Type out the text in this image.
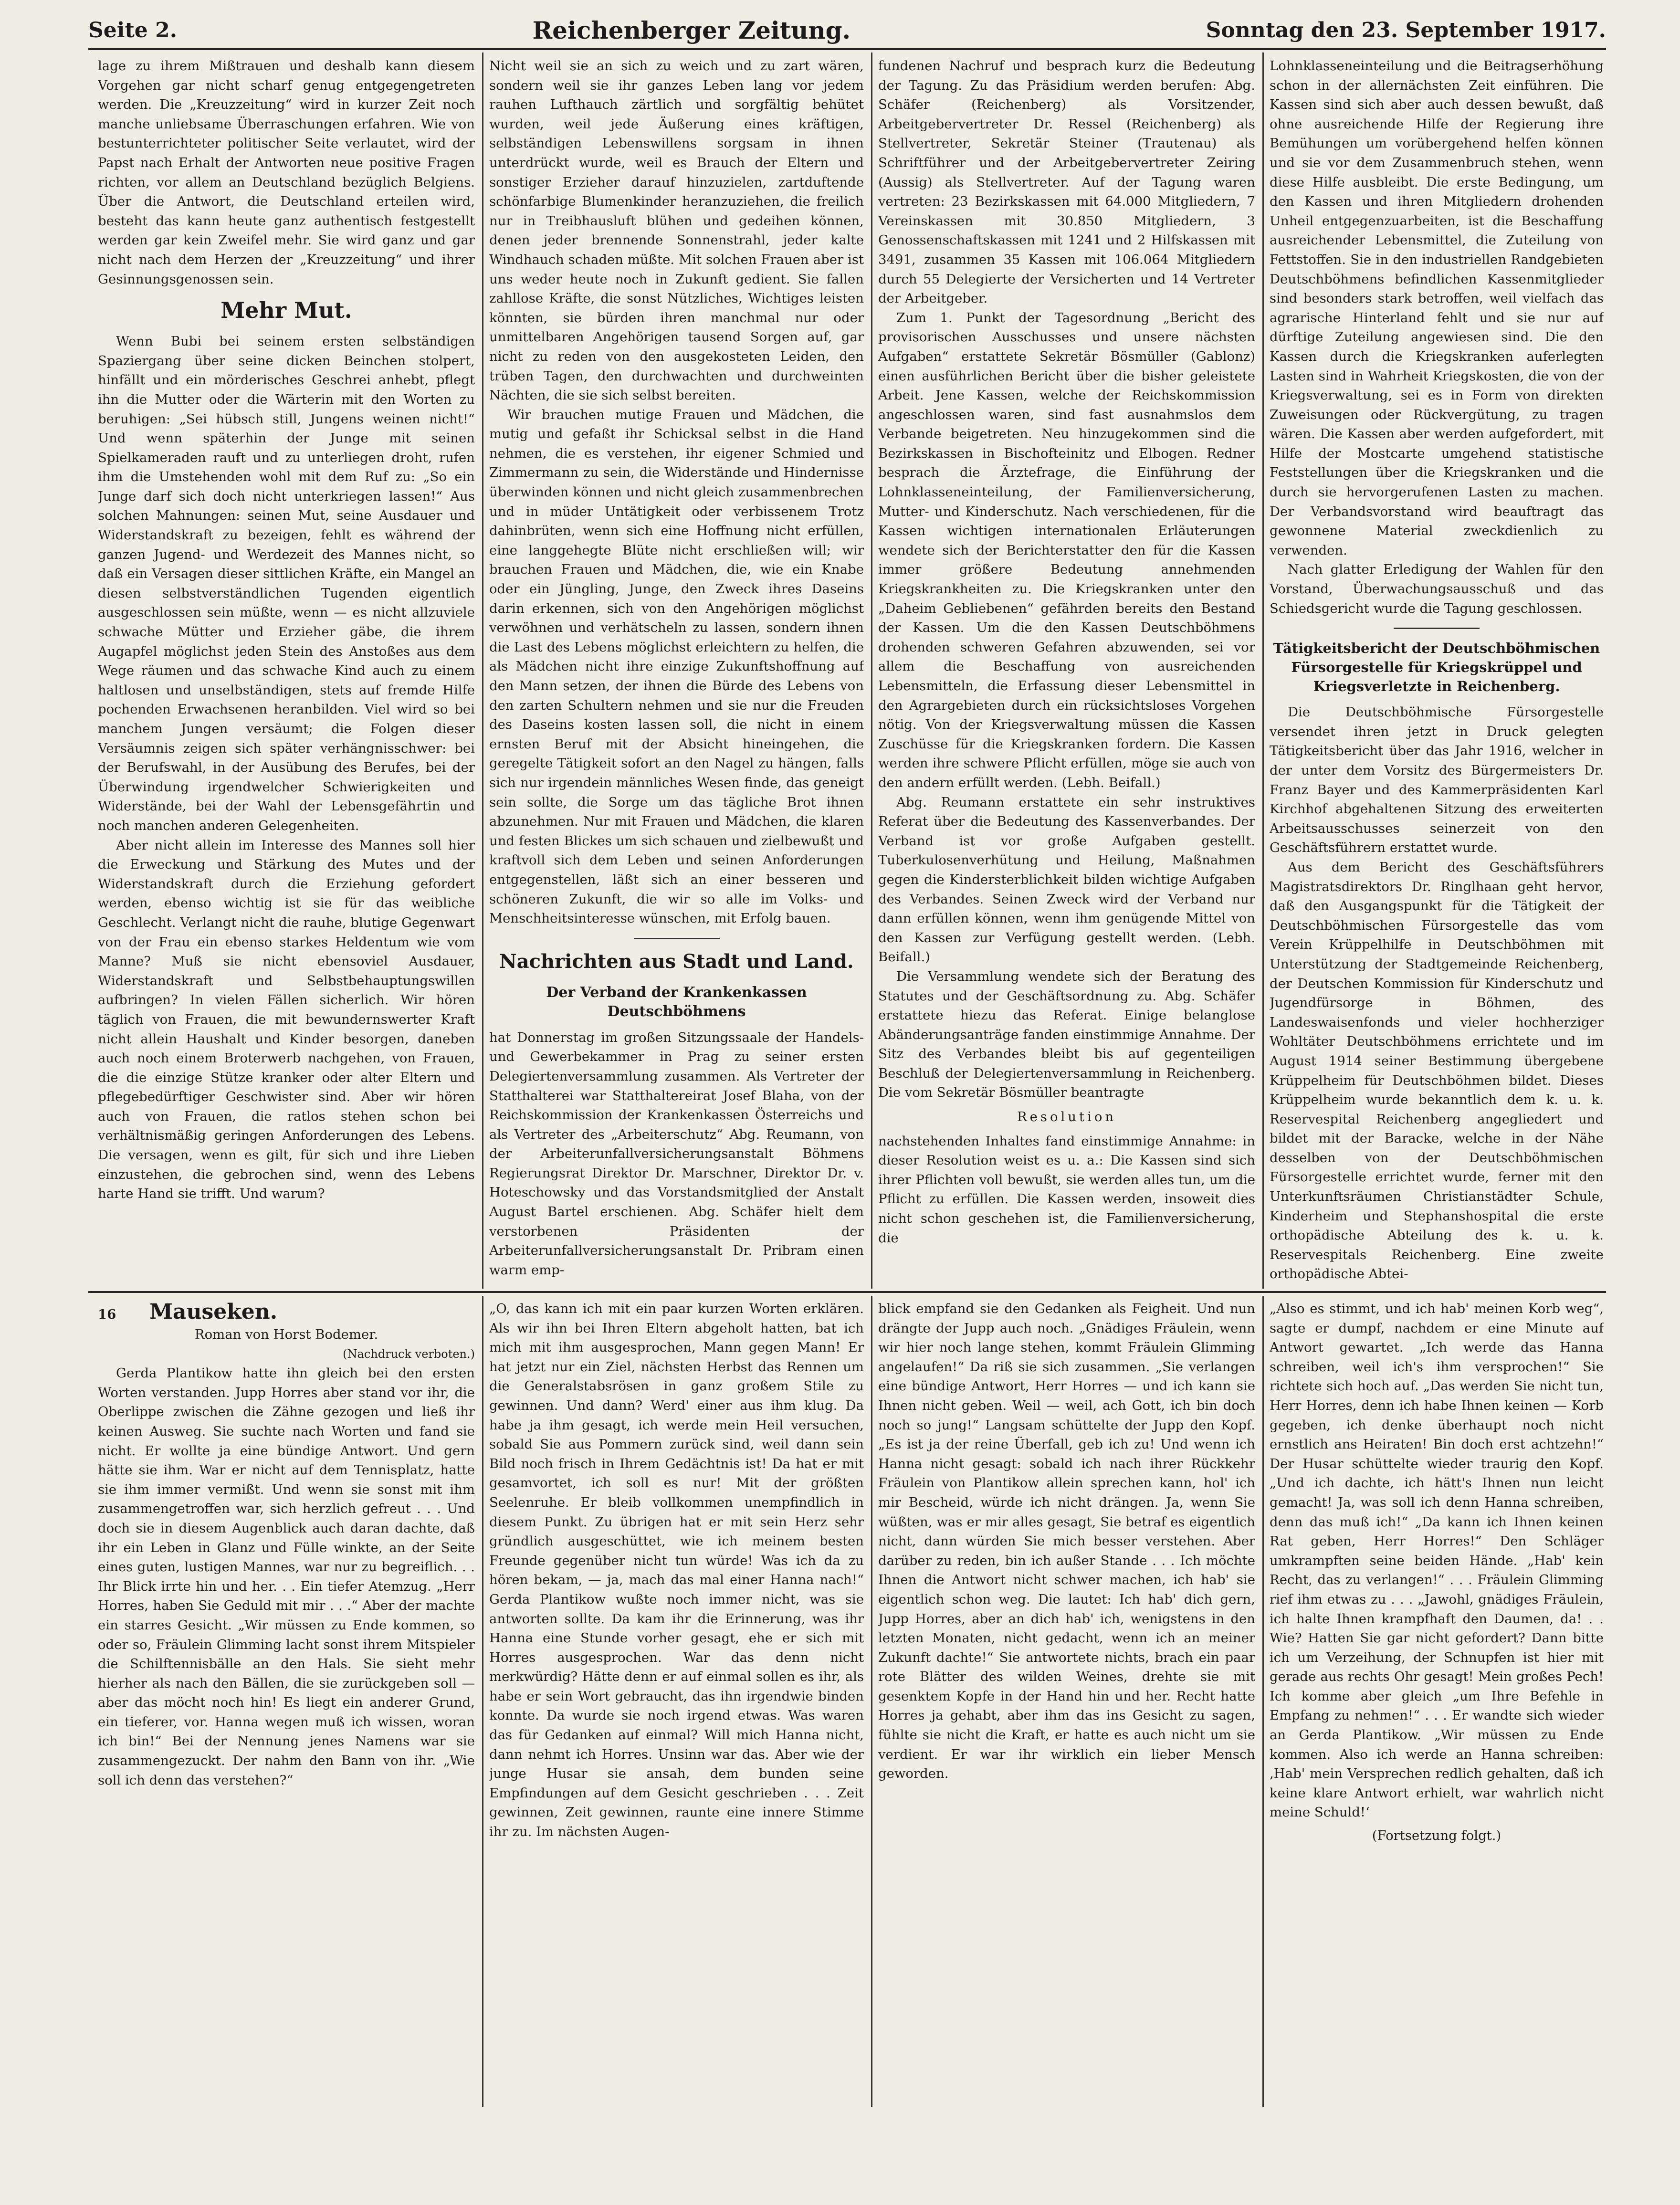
Seite 2.	Reichenberger Zeitung.	Sonntag den 23. September 1917.

lage zu ihrem Mißtrauen und deshalb kann diesem Vorgehen gar nicht scharf genug entgegengetreten werden. Die „Kreuzzeitung“ wird in kurzer Zeit noch manche unliebsame Überraschungen erfahren. Wie von bestunterrichteter politischer Seite verlautet, wird der Papst nach Erhalt der Antworten neue positive Fragen richten, vor allem an Deutschland bezüglich Belgiens. Über die Antwort, die Deutschland erteilen wird, besteht das kann heute ganz authentisch festgestellt werden gar kein Zweifel mehr. Sie wird ganz und gar nicht nach dem Herzen der „Kreuzzeitung“ und ihrer Gesinnungsgenossen sein.

Mehr Mut.

Wenn Bubi bei seinem ersten selbständigen Spaziergang über seine dicken Beinchen stolpert, hinfällt und ein mörderisches Geschrei anhebt, pflegt ihn die Mutter oder die Wärterin mit den Worten zu beruhigen: „Sei hübsch still, Jungens weinen nicht!“ Und wenn späterhin der Junge mit seinen Spielkameraden rauft und zu unterliegen droht, rufen ihm die Umstehenden wohl mit dem Ruf zu: „So ein Junge darf sich doch nicht unterkriegen lassen!“ Aus solchen Mahnungen: seinen Mut, seine Ausdauer und Widerstandskraft zu bezeigen, fehlt es während der ganzen Jugend- und Werdezeit des Mannes nicht, so daß ein Versagen dieser sittlichen Kräfte, ein Mangel an diesen selbstverständlichen Tugenden eigentlich ausgeschlossen sein müßte, wenn — es nicht allzuviele schwache Mütter und Erzieher gäbe, die ihrem Augapfel möglichst jeden Stein des Anstoßes aus dem Wege räumen und das schwache Kind auch zu einem haltlosen und unselbständigen, stets auf fremde Hilfe pochenden Erwachsenen heranbilden. Viel wird so bei manchem Jungen versäumt; die Folgen dieser Versäumnis zeigen sich später verhängnisschwer: bei der Berufswahl, in der Ausübung des Berufes, bei der Überwindung irgendwelcher Schwierigkeiten und Widerstände, bei der Wahl der Lebensgefährtin und noch manchen anderen Gelegenheiten.

Aber nicht allein im Interesse des Mannes soll hier die Erweckung und Stärkung des Mutes und der Widerstandskraft durch die Erziehung gefordert werden, ebenso wichtig ist sie für das weibliche Geschlecht. Verlangt nicht die rauhe, blutige Gegenwart von der Frau ein ebenso starkes Heldentum wie vom Manne? Muß sie nicht ebensoviel Ausdauer, Widerstandskraft und Selbstbehauptungswillen aufbringen? In vielen Fällen sicherlich. Wir hören täglich von Frauen, die mit bewundernswerter Kraft nicht allein Haushalt und Kinder besorgen, daneben auch noch einem Broterwerb nachgehen, von Frauen, die die einzige Stütze kranker oder alter Eltern und pflegebedürftiger Geschwister sind. Aber wir hören auch von Frauen, die ratlos stehen schon bei verhältnismäßig geringen Anforderungen des Lebens. Die versagen, wenn es gilt, für sich und ihre Lieben einzustehen, die gebrochen sind, wenn des Lebens harte Hand sie trifft. Und warum?

Nicht weil sie an sich zu weich und zu zart wären, sondern weil sie ihr ganzes Leben lang vor jedem rauhen Lufthauch zärtlich und sorgfältig behütet wurden, weil jede Äußerung eines kräftigen, selbständigen Lebenswillens sorgsam in ihnen unterdrückt wurde, weil es Brauch der Eltern und sonstiger Erzieher darauf hinzuzielen, zartduftende schönfarbige Blumenkinder heranzuziehen, die freilich nur in Treibhausluft blühen und gedeihen können, denen jeder brennende Sonnenstrahl, jeder kalte Windhauch schaden müßte. Mit solchen Frauen aber ist uns weder heute noch in Zukunft gedient. Sie fallen zahllose Kräfte, die sonst Nützliches, Wichtiges leisten könnten, sie bürden ihren manchmal nur oder unmittelbaren Angehörigen tausend Sorgen auf, gar nicht zu reden von den ausgekosteten Leiden, den trüben Tagen, den durchwachten und durchweinten Nächten, die sie sich selbst bereiten.

Wir brauchen mutige Frauen und Mädchen, die mutig und gefaßt ihr Schicksal selbst in die Hand nehmen, die es verstehen, ihr eigener Schmied und Zimmermann zu sein, die Widerstände und Hindernisse überwinden können und nicht gleich zusammenbrechen und in müder Untätigkeit oder verbissenem Trotz dahinbrüten, wenn sich eine Hoffnung nicht erfüllen, eine langgehegte Blüte nicht erschließen will; wir brauchen Frauen und Mädchen, die, wie ein Knabe oder ein Jüngling, Junge, den Zweck ihres Daseins darin erkennen, sich von den Angehörigen möglichst verwöhnen und verhätscheln zu lassen, sondern ihnen die Last des Lebens möglichst erleichtern zu helfen, die als Mädchen nicht ihre einzige Zukunftshoffnung auf den Mann setzen, der ihnen die Bürde des Lebens von den zarten Schultern nehmen und sie nur die Freuden des Daseins kosten lassen soll, die nicht in einem ernsten Beruf mit der Absicht hineingehen, die geregelte Tätigkeit sofort an den Nagel zu hängen, falls sich nur irgendein männliches Wesen finde, das geneigt sein sollte, die Sorge um das tägliche Brot ihnen abzunehmen. Nur mit Frauen und Mädchen, die klaren und festen Blickes um sich schauen und zielbewußt und kraftvoll sich dem Leben und seinen Anforderungen entgegenstellen, läßt sich an einer besseren und schöneren Zukunft, die wir so alle im Volks- und Menschheitsinteresse wünschen, mit Erfolg bauen.

Nachrichten aus Stadt und Land.
Der Verband der Krankenkassen Deutschböhmens

hat Donnerstag im großen Sitzungssaale der Handels- und Gewerbekammer in Prag zu seiner ersten Delegiertenversammlung zusammen. Als Vertreter der Statthalterei war Statthaltereirat Josef Blaha, von der Reichskommission der Krankenkassen Österreichs und als Vertreter des „Arbeiterschutz“ Abg. Reumann, von der Arbeiterunfallversicherungsanstalt Böhmens Regierungsrat Direktor Dr. Marschner, Direktor Dr. v. Hoteschowsky und das Vorstandsmitglied der Anstalt August Bartel erschienen. Abg. Schäfer hielt dem verstorbenen Präsidenten der Arbeiterunfallversicherungsanstalt Dr. Pribram einen warm emp-

fundenen Nachruf und besprach kurz die Bedeutung der Tagung. Zu das Präsidium werden berufen: Abg. Schäfer (Reichenberg) als Vorsitzender, Arbeitgebervertreter Dr. Ressel (Reichenberg) als Stellvertreter, Sekretär Steiner (Trautenau) als Schriftführer und der Arbeitgebervertreter Zeiring (Aussig) als Stellvertreter. Auf der Tagung waren vertreten: 23 Bezirkskassen mit 64.000 Mitgliedern, 7 Vereinskassen mit 30.850 Mitgliedern, 3 Genossenschaftskassen mit 1241 und 2 Hilfskassen mit 3491, zusammen 35 Kassen mit 106.064 Mitgliedern durch 55 Delegierte der Versicherten und 14 Vertreter der Arbeitgeber.

Zum 1. Punkt der Tagesordnung „Bericht des provisorischen Ausschusses und unsere nächsten Aufgaben“ erstattete Sekretär Bösmüller (Gablonz) einen ausführlichen Bericht über die bisher geleistete Arbeit. Jene Kassen, welche der Reichskommission angeschlossen waren, sind fast ausnahmslos dem Verbande beigetreten. Neu hinzugekommen sind die Bezirkskassen in Bischofteinitz und Elbogen. Redner besprach die Ärztefrage, die Einführung der Lohnklasseneinteilung, der Familienversicherung, Mutter- und Kinderschutz. Nach verschiedenen, für die Kassen wichtigen internationalen Erläuterungen wendete sich der Berichterstatter den für die Kassen immer größere Bedeutung annehmenden Kriegskrankheiten zu. Die Kriegskranken unter den „Daheim Gebliebenen“ gefährden bereits den Bestand der Kassen. Um die den Kassen Deutschböhmens drohenden schweren Gefahren abzuwenden, sei vor allem die Beschaffung von ausreichenden Lebensmitteln, die Erfassung dieser Lebensmittel in den Agrargebieten durch ein rücksichtsloses Vorgehen nötig. Von der Kriegsverwaltung müssen die Kassen Zuschüsse für die Kriegskranken fordern. Die Kassen werden ihre schwere Pflicht erfüllen, möge sie auch von den andern erfüllt werden. (Lebh. Beifall.)

Abg. Reumann erstattete ein sehr instruktives Referat über die Bedeutung des Kassenverbandes. Der Verband ist vor große Aufgaben gestellt. Tuberkulosenverhütung und Heilung, Maßnahmen gegen die Kindersterblichkeit bilden wichtige Aufgaben des Verbandes. Seinen Zweck wird der Verband nur dann erfüllen können, wenn ihm genügende Mittel von den Kassen zur Verfügung gestellt werden. (Lebh. Beifall.)

Die Versammlung wendete sich der Beratung des Statutes und der Geschäftsordnung zu. Abg. Schäfer erstattete hiezu das Referat. Einige belanglose Abänderungsanträge fanden einstimmige Annahme. Der Sitz des Verbandes bleibt bis auf gegenteiligen Beschluß der Delegiertenversammlung in Reichenberg. Die vom Sekretär Bösmüller beantragte

Resolution

nachstehenden Inhaltes fand einstimmige Annahme: in dieser Resolution weist es u. a.: Die Kassen sind sich ihrer Pflichten voll bewußt, sie werden alles tun, um die Pflicht zu erfüllen. Die Kassen werden, insoweit dies nicht schon geschehen ist, die Familienversicherung, die

Lohnklasseneinteilung und die Beitragserhöhung schon in der allernächsten Zeit einführen. Die Kassen sind sich aber auch dessen bewußt, daß ohne ausreichende Hilfe der Regierung ihre Bemühungen um vorübergehend helfen können und sie vor dem Zusammenbruch stehen, wenn diese Hilfe ausbleibt. Die erste Bedingung, um den Kassen und ihren Mitgliedern drohenden Unheil entgegenzuarbeiten, ist die Beschaffung ausreichender Lebensmittel, die Zuteilung von Fettstoffen. Sie in den industriellen Randgebieten Deutschböhmens befindlichen Kassenmitglieder sind besonders stark betroffen, weil vielfach das agrarische Hinterland fehlt und sie nur auf dürftige Zuteilung angewiesen sind. Die den Kassen durch die Kriegskranken auferlegten Lasten sind in Wahrheit Kriegskosten, die von der Kriegsverwaltung, sei es in Form von direkten Zuweisungen oder Rückvergütung, zu tragen wären. Die Kassen aber werden aufgefordert, mit Hilfe der Mostcarte umgehend statistische Feststellungen über die Kriegskranken und die durch sie hervorgerufenen Lasten zu machen. Der Verbandsvorstand wird beauftragt das gewonnene Material zweckdienlich zu verwenden.

Nach glatter Erledigung der Wahlen für den Vorstand, Überwachungsausschuß und das Schiedsgericht wurde die Tagung geschlossen.

Tätigkeitsbericht der Deutschböhmischen Fürsorgestelle für Kriegskrüppel und Kriegsverletzte in Reichenberg.

Die Deutschböhmische Fürsorgestelle versendet ihren jetzt in Druck gelegten Tätigkeitsbericht über das Jahr 1916, welcher in der unter dem Vorsitz des Bürgermeisters Dr. Franz Bayer und des Kammerpräsidenten Karl Kirchhof abgehaltenen Sitzung des erweiterten Arbeitsausschusses seinerzeit von den Geschäftsführern erstattet wurde.

Aus dem Bericht des Geschäftsführers Magistratsdirektors Dr. Ringlhaan geht hervor, daß den Ausgangspunkt für die Tätigkeit der Deutschböhmischen Fürsorgestelle das vom Verein Krüppelhilfe in Deutschböhmen mit Unterstützung der Stadtgemeinde Reichenberg, der Deutschen Kommission für Kinderschutz und Jugendfürsorge in Böhmen, des Landeswaisenfonds und vieler hochherziger Wohltäter Deutschböhmens errichtete und im August 1914 seiner Bestimmung übergebene Krüppelheim für Deutschböhmen bildet. Dieses Krüppelheim wurde bekanntlich dem k. u. k. Reservespital Reichenberg angegliedert und bildet mit der Baracke, welche in der Nähe desselben von der Deutschböhmischen Fürsorgestelle errichtet wurde, ferner mit den Unterkunftsräumen Christianstädter Schule, Kinderheim und Stephanshospital die erste orthopädische Abteilung des k. u. k. Reservespitals Reichenberg. Eine zweite orthopädische Abtei-

16 Mauseken.

Roman von Horst Bodemer.

(Nachdruck verboten.)

Gerda Plantikow hatte ihn gleich bei den ersten Worten verstanden. Jupp Horres aber stand vor ihr, die Oberlippe zwischen die Zähne gezogen und ließ ihr keinen Ausweg. Sie suchte nach Worten und fand sie nicht. Er wollte ja eine bündige Antwort. Und gern hätte sie ihm. War er nicht auf dem Tennisplatz, hatte sie ihm immer vermißt. Und wenn sie sonst mit ihm zusammengetroffen war, sich herzlich gefreut . . . Und doch sie in diesem Augenblick auch daran dachte, daß ihr ein Leben in Glanz und Fülle winkte, an der Seite eines guten, lustigen Mannes, war nur zu begreiflich. . . Ihr Blick irrte hin und her. . . Ein tiefer Atemzug. „Herr Horres, haben Sie Geduld mit mir . . .“ Aber der machte ein starres Gesicht. „Wir müssen zu Ende kommen, so oder so, Fräulein Glimming lacht sonst ihrem Mitspieler die Schilftennisbälle an den Hals. Sie sieht mehr hierher als nach den Bällen, die sie zurückgeben soll — aber das möcht noch hin! Es liegt ein anderer Grund, ein tieferer, vor. Hanna wegen muß ich wissen, woran ich bin!“ Bei der Nennung jenes Namens war sie zusammengezuckt. Der nahm den Bann von ihr. „Wie soll ich denn das verstehen?“

„O, das kann ich mit ein paar kurzen Worten erklären. Als wir ihn bei Ihren Eltern abgeholt hatten, bat ich mich mit ihm ausgesprochen, Mann gegen Mann! Er hat jetzt nur ein Ziel, nächsten Herbst das Rennen um die Generalstabsrösen in ganz großem Stile zu gewinnen. Und dann? Werd' einer aus ihm klug. Da habe ja ihm gesagt, ich werde mein Heil versuchen, sobald Sie aus Pommern zurück sind, weil dann sein Bild noch frisch in Ihrem Gedächtnis ist! Da hat er mit gesamvortet, ich soll es nur! Mit der größten Seelenruhe. Er bleib vollkommen unempfindlich in diesem Punkt. Zu übrigen hat er mit sein Herz sehr gründlich ausgeschüttet, wie ich meinem besten Freunde gegenüber nicht tun würde! Was ich da zu hören bekam, — ja, mach das mal einer Hanna nach!“ Gerda Plantikow wußte noch immer nicht, was sie antworten sollte. Da kam ihr die Erinnerung, was ihr Hanna eine Stunde vorher gesagt, ehe er sich mit Horres ausgesprochen. War das denn nicht merkwürdig? Hätte denn er auf einmal sollen es ihr, als habe er sein Wort gebraucht, das ihn irgendwie binden konnte. Da wurde sie noch irgend etwas. Was waren das für Gedanken auf einmal? Will mich Hanna nicht, dann nehmt ich Horres. Unsinn war das. Aber wie der junge Husar sie ansah, dem bunden seine Empfindungen auf dem Gesicht geschrieben . . . Zeit gewinnen, Zeit gewinnen, raunte eine innere Stimme ihr zu. Im nächsten Augen-

blick empfand sie den Gedanken als Feigheit. Und nun drängte der Jupp auch noch. „Gnädiges Fräulein, wenn wir hier noch lange stehen, kommt Fräulein Glimming angelaufen!“ Da riß sie sich zusammen. „Sie verlangen eine bündige Antwort, Herr Horres — und ich kann sie Ihnen nicht geben. Weil — weil, ach Gott, ich bin doch noch so jung!“ Langsam schüttelte der Jupp den Kopf. „Es ist ja der reine Überfall, geb ich zu! Und wenn ich Hanna nicht gesagt: sobald ich nach ihrer Rückkehr Fräulein von Plantikow allein sprechen kann, hol' ich mir Bescheid, würde ich nicht drängen. Ja, wenn Sie wüßten, was er mir alles gesagt, Sie betraf es eigentlich nicht, dann würden Sie mich besser verstehen. Aber darüber zu reden, bin ich außer Stande . . . Ich möchte Ihnen die Antwort nicht schwer machen, ich hab' sie eigentlich schon weg. Die lautet: Ich hab' dich gern, Jupp Horres, aber an dich hab' ich, wenigstens in den letzten Monaten, nicht gedacht, wenn ich an meiner Zukunft dachte!“ Sie antwortete nichts, brach ein paar rote Blätter des wilden Weines, drehte sie mit gesenktem Kopfe in der Hand hin und her. Recht hatte Horres ja gehabt, aber ihm das ins Gesicht zu sagen, fühlte sie nicht die Kraft, er hatte es auch nicht um sie verdient. Er war ihr wirklich ein lieber Mensch geworden.

„Also es stimmt, und ich hab' meinen Korb weg“, sagte er dumpf, nachdem er eine Minute auf Antwort gewartet. „Ich werde das Hanna schreiben, weil ich's ihm versprochen!“ Sie richtete sich hoch auf. „Das werden Sie nicht tun, Herr Horres, denn ich habe Ihnen keinen — Korb gegeben, ich denke überhaupt noch nicht ernstlich ans Heiraten! Bin doch erst achtzehn!“ Der Husar schüttelte wieder traurig den Kopf. „Und ich dachte, ich hätt's Ihnen nun leicht gemacht! Ja, was soll ich denn Hanna schreiben, denn das muß ich!“ „Da kann ich Ihnen keinen Rat geben, Herr Horres!“ Den Schläger umkrampften seine beiden Hände. „Hab' kein Recht, das zu verlangen!“ . . . Fräulein Glimming rief ihm etwas zu . . . „Jawohl, gnädiges Fräulein, ich halte Ihnen krampfhaft den Daumen, da! . . Wie? Hatten Sie gar nicht gefordert? Dann bitte ich um Verzeihung, der Schnupfen ist hier mit gerade aus rechts Ohr gesagt! Mein großes Pech! Ich komme aber gleich „um Ihre Befehle in Empfang zu nehmen!“ . . . Er wandte sich wieder an Gerda Plantikow. „Wir müssen zu Ende kommen. Also ich werde an Hanna schreiben: ,Hab' mein Versprechen redlich gehalten, daß ich keine klare Antwort erhielt, war wahrlich nicht meine Schuld!‘

(Fortsetzung folgt.)
